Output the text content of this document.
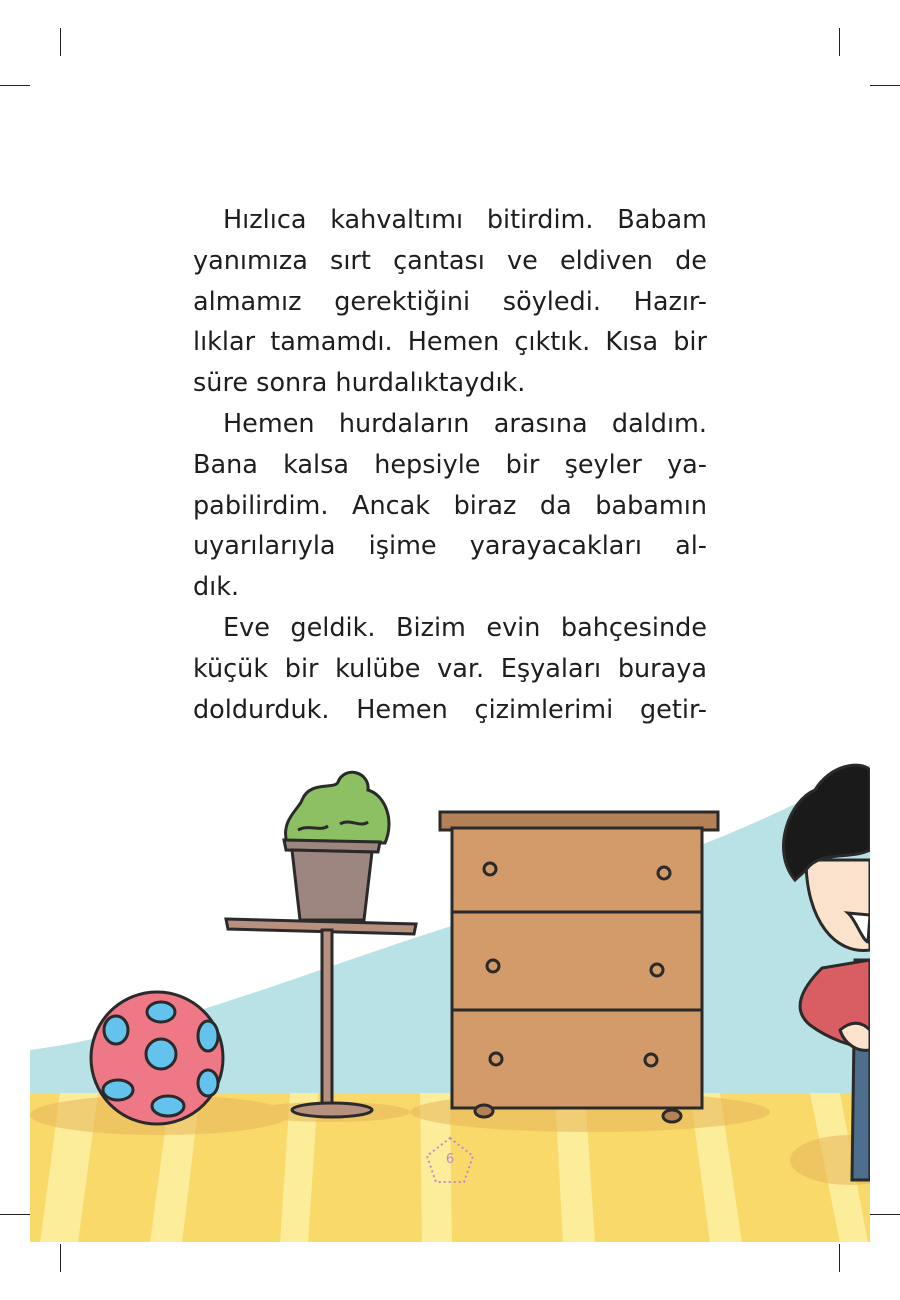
Hızlıca kahvaltımı bitirdim. Babam
yanımıza sırt çantası ve eldiven de
almamız gerektiğini söyledi. Hazır-
lıklar tamamdı. Hemen çıktık. Kısa bir
süre sonra hurdalıktaydık.
Hemen hurdaların arasına daldım.
Bana kalsa hepsiyle bir şeyler ya-
pabilirdim. Ancak biraz da babamın
uyarılarıyla işime yarayacakları al-
dık.
Eve geldik. Bizim evin bahçesinde
küçük bir kulübe var. Eşyaları buraya
doldurduk. Hemen çizimlerimi getir-
6
